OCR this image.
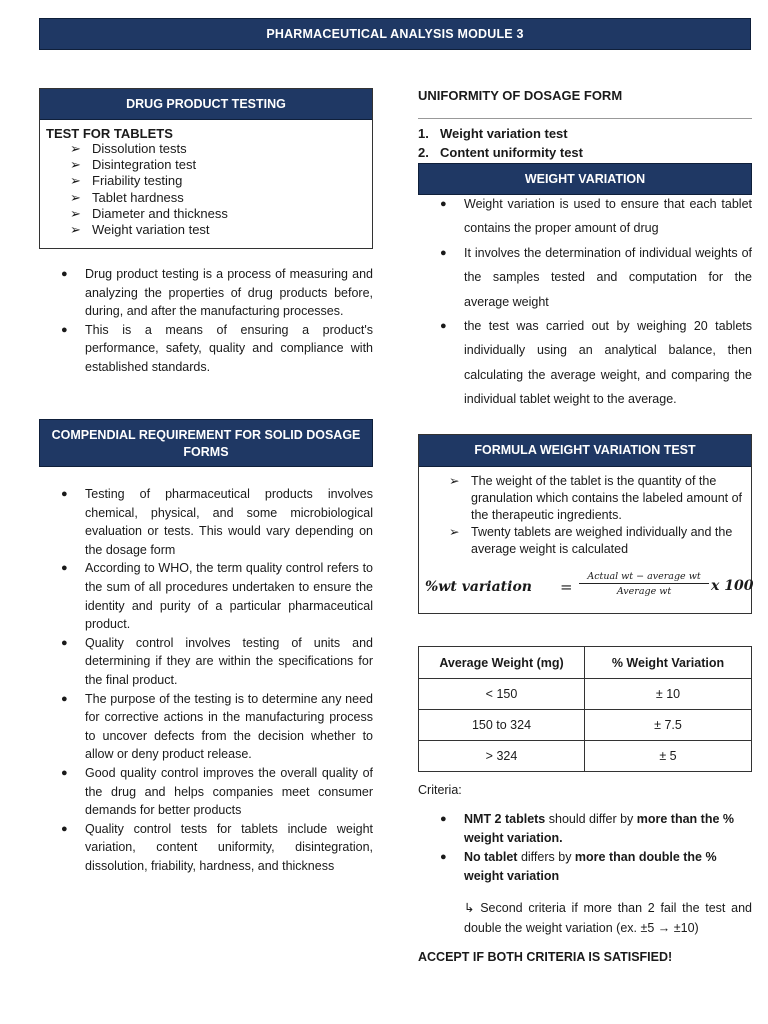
PHARMACEUTICAL ANALYSIS MODULE 3
DRUG PRODUCT TESTING
TEST FOR TABLETS
➢ Dissolution tests
➢ Disintegration test
➢ Friability testing
➢ Tablet hardness
➢ Diameter and thickness
➢ Weight variation test
● Drug product testing is a process of measuring and analyzing the properties of drug products before, during, and after the manufacturing processes.
● This is a means of ensuring a product's performance, safety, quality and compliance with established standards.
COMPENDIAL REQUIREMENT FOR SOLID DOSAGE FORMS
● Testing of pharmaceutical products involves chemical, physical, and some microbiological evaluation or tests. This would vary depending on the dosage form
● According to WHO, the term quality control refers to the sum of all procedures undertaken to ensure the identity and purity of a particular pharmaceutical product.
● Quality control involves testing of units and determining if they are within the specifications for the final product.
● The purpose of the testing is to determine any need for corrective actions in the manufacturing process to uncover defects from the decision whether to allow or deny product release.
● Good quality control improves the overall quality of the drug and helps companies meet consumer demands for better products
● Quality control tests for tablets include weight variation, content uniformity, disintegration, dissolution, friability, hardness, and thickness
UNIFORMITY OF DOSAGE FORM
1. Weight variation test
2. Content uniformity test
WEIGHT VARIATION
● Weight variation is used to ensure that each tablet contains the proper amount of drug
● It involves the determination of individual weights of the samples tested and computation for the average weight
● the test was carried out by weighing 20 tablets individually using an analytical balance, then calculating the average weight, and comparing the individual tablet weight to the average.
FORMULA WEIGHT VARIATION TEST
➢ The weight of the tablet is the quantity of the granulation which contains the labeled amount of the therapeutic ingredients.
➢ Twenty tablets are weighed individually and the average weight is calculated
%wt variation =
Actual wt − average wt
Average wt	x 100
Average Weight (mg)	% Weight Variation
< 150	± 10
150 to 324	± 7.5
> 324	± 5
Criteria:
● NMT 2 tablets should differ by more than the % weight variation.
● No tablet differs by more than double the % weight variation
↳ Second criteria if more than 2 fail the test and double the weight variation (ex. ±5 → ±10)
ACCEPT IF BOTH CRITERIA IS SATISFIED!
